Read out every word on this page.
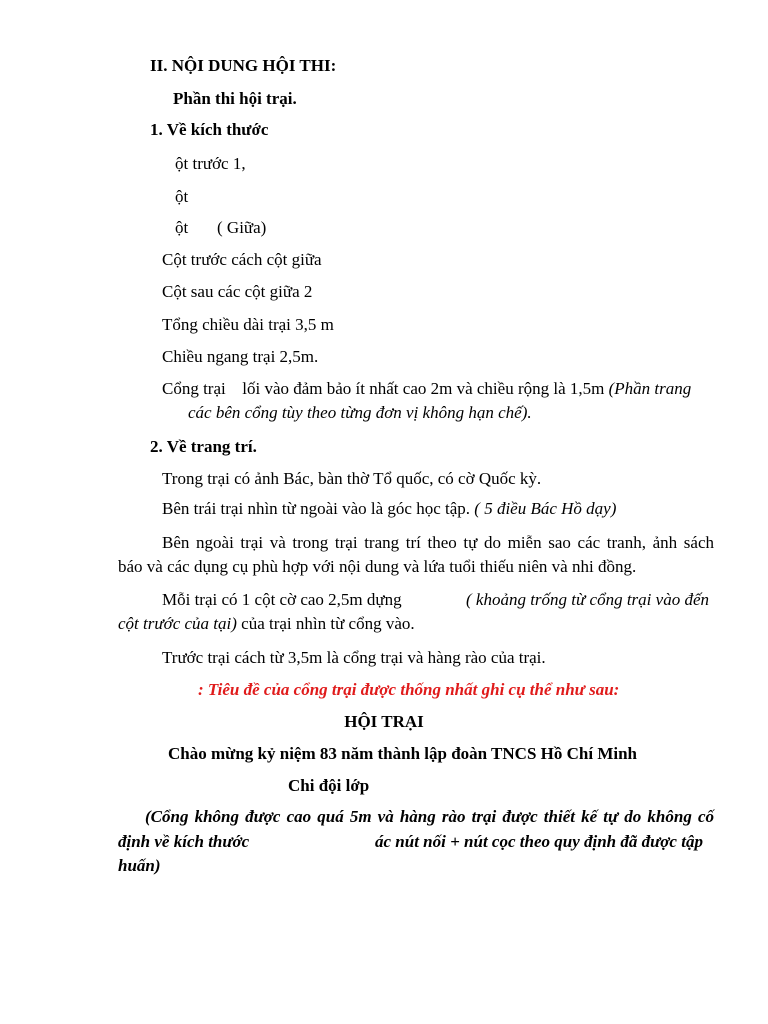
II. NỘI DUNG HỘI THI:
Phần thi hội trại.
1. Về kích thước
ột trước 1,
ột
ột ( Giữa)
Cột trước cách cột giữa
Cột sau các cột giữa 2
Tổng chiều dài trại 3,5 m
Chiều ngang trại 2,5m.
Cổng trại lối vào đảm bảo ít nhất cao 2m và chiều rộng là 1,5m (Phần trang
các bên cổng tùy theo từng đơn vị không hạn chế).
2. Về trang trí.
Trong trại có ảnh Bác, bàn thờ Tổ quốc, có cờ Quốc kỳ.
Bên trái trại nhìn từ ngoài vào là góc học tập. ( 5 điều Bác Hồ dạy)
Bên ngoài trại và trong trại trang trí theo tự do miễn sao các tranh, ảnh sách
báo và các dụng cụ phù hợp với nội dung và lứa tuổi thiếu niên và nhi đồng.
Mỗi trại có 1 cột cờ cao 2,5m dựng	( khoảng trống từ cổng trại vào đến
cột trước của tại) của trại nhìn từ cổng vào.
Trước trại cách từ 3,5m là cổng trại và hàng rào của trại.
: Tiêu đề của cổng trại được thống nhất ghi cụ thể như sau:
HỘI TRẠI
Chào mừng kỷ niệm 83 năm thành lập đoàn TNCS Hồ Chí Minh
Chi đội lớp
(Cổng không được cao quá 5m và hàng rào trại được thiết kế tự do không cố
định về kích thước	ác nút nối + nút cọc theo quy định đã được tập
huấn)
